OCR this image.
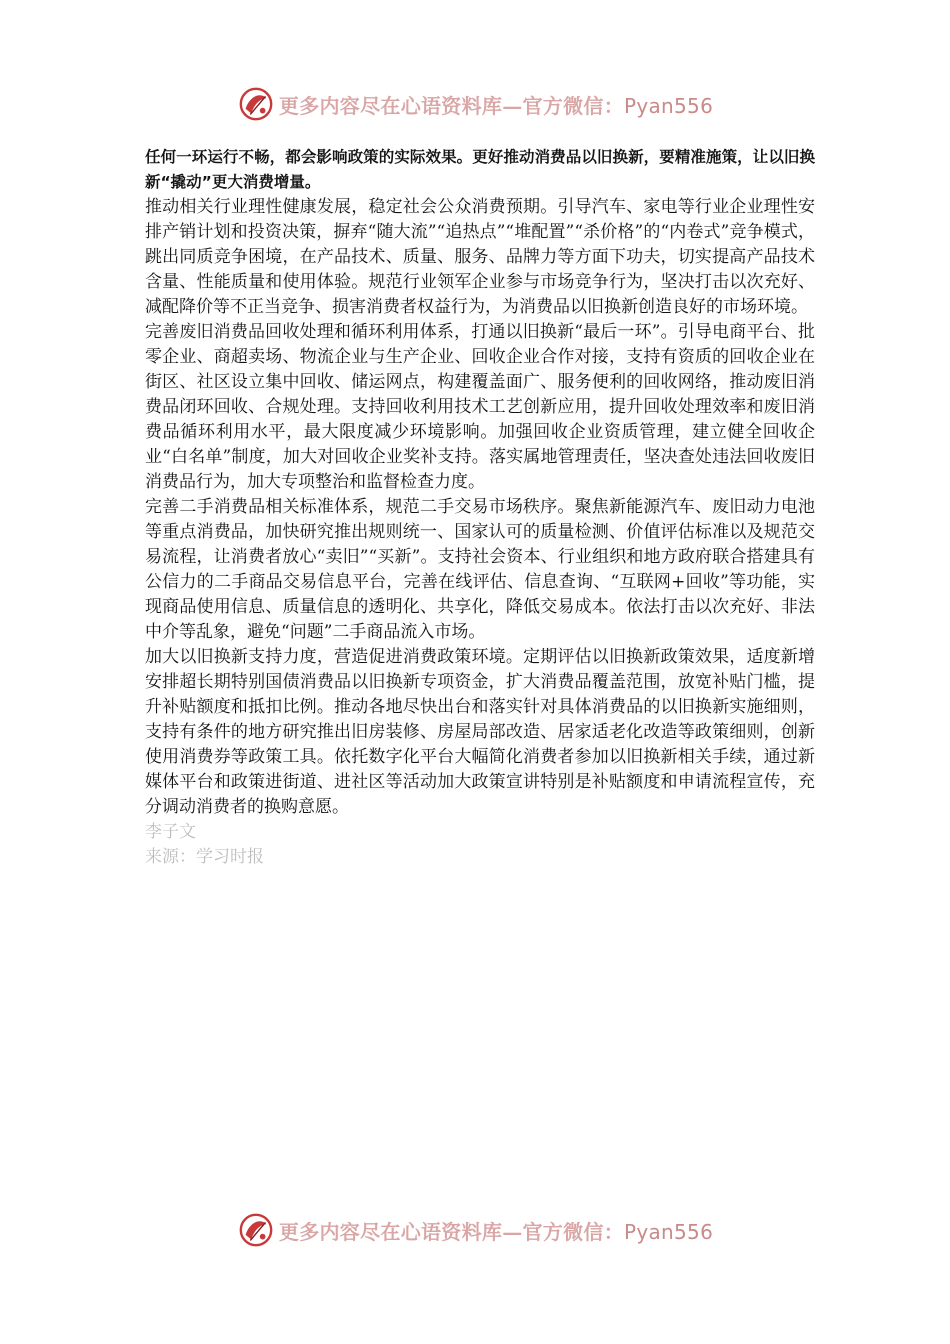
更多内容尽在心语资料库—官方微信：Pyan556

任何一环运行不畅，都会影响政策的实际效果。更好推动消费品以旧换新，要精准施策，让以旧换新“撬动”更大消费增量。

推动相关行业理性健康发展，稳定社会公众消费预期。引导汽车、家电等行业企业理性安排产销计划和投资决策，摒弃“随大流”“追热点”“堆配置”“杀价格”的“内卷式”竞争模式，跳出同质竞争困境，在产品技术、质量、服务、品牌力等方面下功夫，切实提高产品技术含量、性能质量和使用体验。规范行业领军企业参与市场竞争行为，坚决打击以次充好、减配降价等不正当竞争、损害消费者权益行为，为消费品以旧换新创造良好的市场环境。

完善废旧消费品回收处理和循环利用体系，打通以旧换新“最后一环”。引导电商平台、批零企业、商超卖场、物流企业与生产企业、回收企业合作对接，支持有资质的回收企业在街区、社区设立集中回收、储运网点，构建覆盖面广、服务便利的回收网络，推动废旧消费品闭环回收、合规处理。支持回收利用技术工艺创新应用，提升回收处理效率和废旧消费品循环利用水平，最大限度减少环境影响。加强回收企业资质管理，建立健全回收企业“白名单”制度，加大对回收企业奖补支持。落实属地管理责任，坚决查处违法回收废旧消费品行为，加大专项整治和监督检查力度。

完善二手消费品相关标准体系，规范二手交易市场秩序。聚焦新能源汽车、废旧动力电池等重点消费品，加快研究推出规则统一、国家认可的质量检测、价值评估标准以及规范交易流程，让消费者放心“卖旧”“买新”。支持社会资本、行业组织和地方政府联合搭建具有公信力的二手商品交易信息平台，完善在线评估、信息查询、“互联网+回收”等功能，实现商品使用信息、质量信息的透明化、共享化，降低交易成本。依法打击以次充好、非法中介等乱象，避免“问题”二手商品流入市场。

加大以旧换新支持力度，营造促进消费政策环境。定期评估以旧换新政策效果，适度新增安排超长期特别国债消费品以旧换新专项资金，扩大消费品覆盖范围，放宽补贴门槛，提升补贴额度和抵扣比例。推动各地尽快出台和落实针对具体消费品的以旧换新实施细则，支持有条件的地方研究推出旧房装修、房屋局部改造、居家适老化改造等政策细则，创新使用消费券等政策工具。依托数字化平台大幅简化消费者参加以旧换新相关手续，通过新媒体平台和政策进街道、进社区等活动加大政策宣讲特别是补贴额度和申请流程宣传，充分调动消费者的换购意愿。

李子文

来源：学习时报

更多内容尽在心语资料库—官方微信：Pyan556
